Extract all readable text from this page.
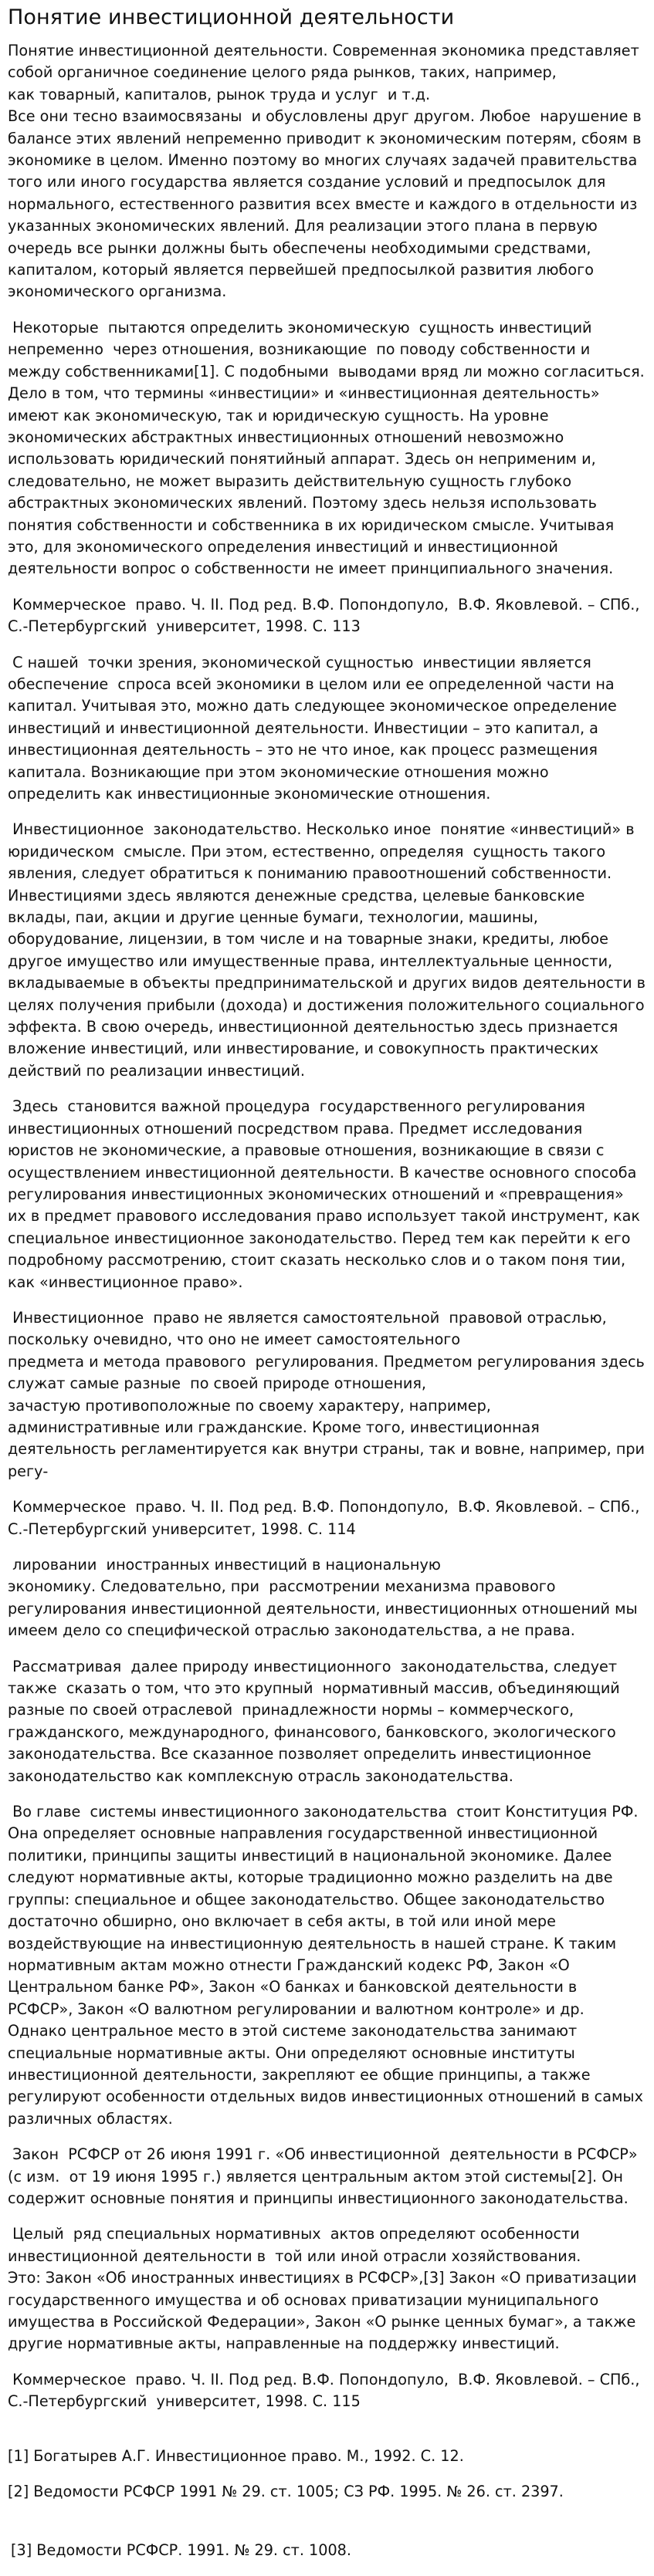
Понятие инвестиционной деятельности

Понятие инвестиционной деятельности. Современная экономика представляет собой органичное соединение целого ряда рынков, таких, например,
как товарный, капиталов, рынок труда и услуг  и т.д.
Все они тесно взаимосвязаны  и обусловлены друг другом. Любое  нарушение в балансе этих явлений непременно приводит к экономическим потерям, сбоям в экономике в целом. Именно поэтому во многих случаях задачей правительства того или иного государства является создание условий и предпосылок для нормального, естественного развития всех вместе и каждого в отдельности из указанных экономических явлений. Для реализации этого плана в первую очередь все рынки должны быть обеспечены необходимыми средствами, капиталом, который является первейшей предпосылкой развития любого экономического организма.

Некоторые  пытаются определить экономическую  сущность инвестиций непременно  через отношения, возникающие  по поводу собственности и между собственниками[1]. С подобными  выводами вряд ли можно согласиться. Дело в том, что термины «инвестиции» и «инвестиционная деятельность» имеют как экономическую, так и юридическую сущность. На уровне экономических абстрактных инвестиционных отношений невозможно использовать юридический понятийный аппарат. Здесь он неприменим и, следовательно, не может выразить действительную сущность глубоко абстрактных экономических явлений. Поэтому здесь нельзя использовать понятия собственности и собственника в их юридическом смысле. Учитывая это, для экономического определения инвестиций и инвестиционной деятельности вопрос о собственности не имеет принципиального значения.

Коммерческое  право. Ч. II. Под ред. В.Ф. Попондопуло,  В.Ф. Яковлевой. – СПб., С.-Петербургский  университет, 1998. С. 113

С нашей  точки зрения, экономической сущностью  инвестиции является обеспечение  спроса всей экономики в целом или ее определенной части на капитал. Учитывая это, можно дать следующее экономическое определение инвестиций и инвестиционной деятельности. Инвестиции – это капитал, а инвестиционная деятельность – это не что иное, как процесс размещения капитала. Возникающие при этом экономические отношения можно определить как инвестиционные экономические отношения.

Инвестиционное  законодательство. Несколько иное  понятие «инвестиций» в юридическом  смысле. При этом, естественно, определяя  сущность такого явления, следует обратиться к пониманию правоотношений собственности. Инвестициями здесь являются денежные средства, целевые банковские вклады, паи, акции и другие ценные бумаги, технологии, машины, оборудование, лицензии, в том числе и на товарные знаки, кредиты, любое другое имущество или имущественные права, интеллектуальные ценности, вкладываемые в объекты предпринимательской и других видов деятельности в целях получения прибыли (дохода) и достижения положительного социального эффекта. В свою очередь, инвестиционной деятельностью здесь признается вложение инвестиций, или инвестирование, и совокупность практических действий по реализации инвестиций.

Здесь  становится важной процедура  государственного регулирования инвестиционных отношений посредством права. Предмет исследования юристов не экономические, а правовые отношения, возникающие в связи с осуществлением инвестиционной деятельности. В качестве основного способа регулирования инвестиционных экономических отношений и «превращения» их в предмет правового исследования право использует такой инструмент, как специальное инвестиционное законодательство. Перед тем как перейти к его подробному рассмотрению, стоит сказать несколько слов и о таком поня тии, как «инвестиционное право».

Инвестиционное  право не является самостоятельной  правовой отраслью, поскольку очевидно, что оно не имеет самостоятельного
предмета и метода правового  регулирования. Предметом регулирования здесь служат самые разные  по своей природе отношения,
зачастую противоположные по своему характеру, например, административные или гражданские. Кроме того, инвестиционная деятельность регламентируется как внутри страны, так и вовне, например, при регу-

Коммерческое  право. Ч. II. Под ред. В.Ф. Попондопуло,  В.Ф. Яковлевой. – СПб., С.-Петербургский университет, 1998. С. 114

лировании  иностранных инвестиций в национальную
экономику. Следовательно, при  рассмотрении механизма правового регулирования инвестиционной деятельности, инвестиционных отношений мы имеем дело со специфической отраслью законодательства, а не права.

Рассматривая  далее природу инвестиционного  законодательства, следует также  сказать о том, что это крупный  нормативный массив, объединяющий  разные по своей отраслевой  принадлежности нормы – коммерческого,  гражданского, международного, финансового, банковского, экологического законодательства. Все сказанное позволяет определить инвестиционное законодательство как комплексную отрасль законодательства.

Во главе  системы инвестиционного законодательства  стоит Конституция РФ. Она определяет основные направления государственной инвестиционной политики, принципы защиты инвестиций в национальной экономике. Далее следуют нормативные акты, которые традиционно можно разделить на две группы: специальное и общее законодательство. Общее законодательство достаточно обширно, оно включает в себя акты, в той или иной мере воздействующие на инвестиционную деятельность в нашей стране. К таким нормативным актам можно отнести Гражданский кодекс РФ, Закон «О Центральном банке РФ», Закон «О банках и банковской деятельности в РСФСР», Закон «О валютном регулировании и валютном контроле» и др. Однако центральное место в этой системе законодательства занимают специальные нормативные акты. Они определяют основные институты инвестиционной деятельности, закрепляют ее общие принципы, а также регулируют особенности отдельных видов инвестиционных отношений в самых различных областях.

Закон  РСФСР от 26 июня 1991 г. «Об инвестиционной  деятельности в РСФСР» (с изм.  от 19 июня 1995 г.) является центральным актом этой системы[2]. Он содержит основные понятия и принципы инвестиционного законодательства.

Целый  ряд специальных нормативных  актов определяют особенности инвестиционной деятельности в  той или иной отрасли хозяйствования.
Это: Закон «Об иностранных инвестициях в РСФСР»,[3] Закон «О приватизации государственного имущества и об основах приватизации муниципального имущества в Российской Федерации», Закон «О рынке ценных бумаг», а также другие нормативные акты, направленные на поддержку инвестиций.

Коммерческое  право. Ч. II. Под ред. В.Ф. Попондопуло,  В.Ф. Яковлевой. – СПб., С.-Петербургский  университет, 1998. С. 115

[1] Богатырев А.Г. Инвестиционное право. М., 1992. С. 12.
[2] Ведомости РСФСР 1991 № 29. ст. 1005; СЗ РФ. 1995. № 26. ст. 2397.
[3] Ведомости РСФСР. 1991. № 29. ст. 1008.
